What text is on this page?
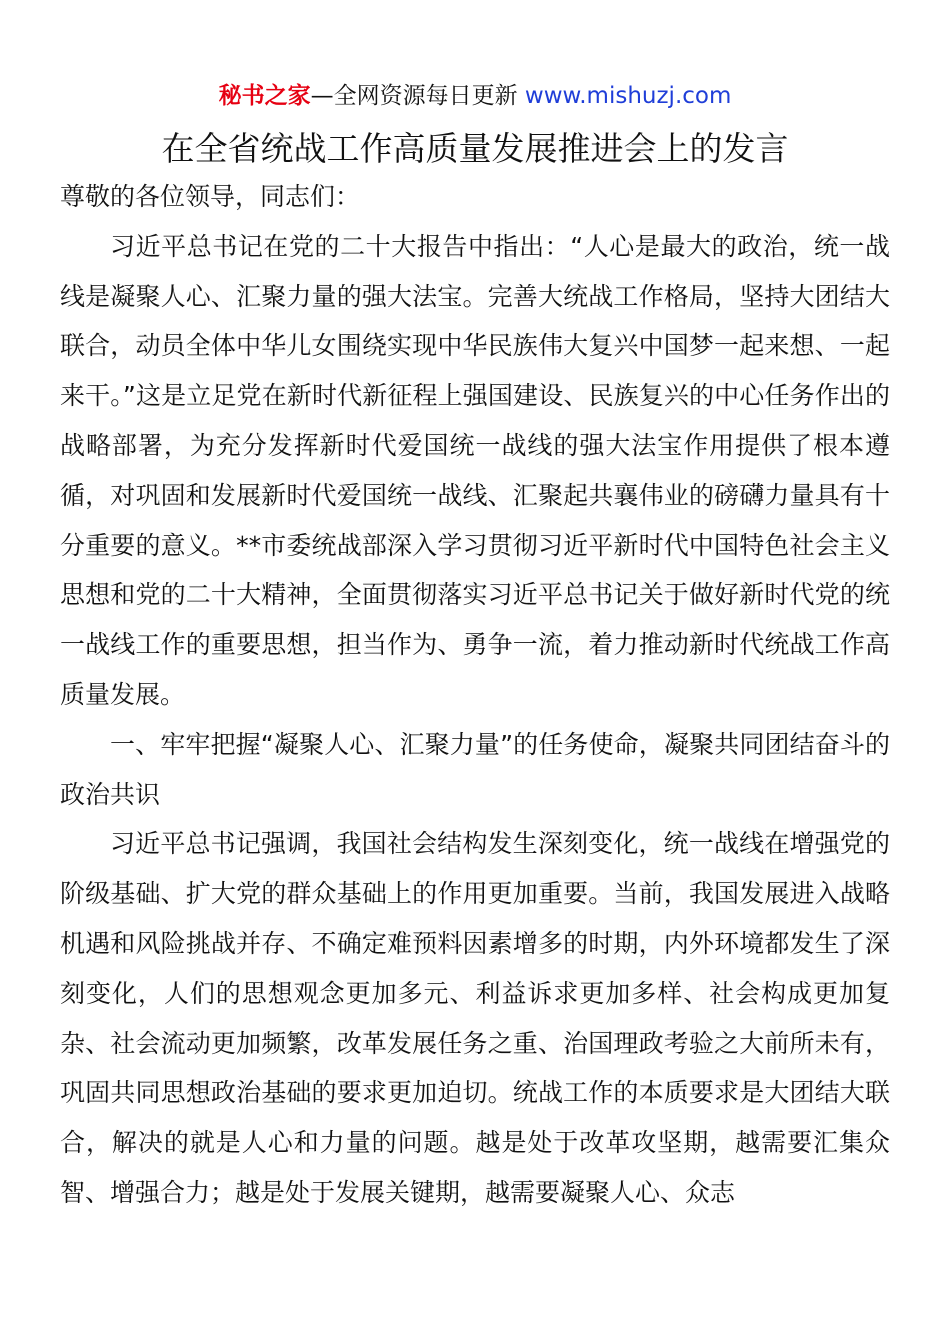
秘书之家—全网资源每日更新 www.mishuzj.com
在全省统战工作高质量发展推进会上的发言

尊敬的各位领导，同志们：

习近平总书记在党的二十大报告中指出：“人心是最大的政治，统一战线是凝聚人心、汇聚力量的强大法宝。完善大统战工作格局，坚持大团结大联合，动员全体中华儿女围绕实现中华民族伟大复兴中国梦一起来想、一起来干。”这是立足党在新时代新征程上强国建设、民族复兴的中心任务作出的战略部署，为充分发挥新时代爱国统一战线的强大法宝作用提供了根本遵循，对巩固和发展新时代爱国统一战线、汇聚起共襄伟业的磅礴力量具有十分重要的意义。**市委统战部深入学习贯彻习近平新时代中国特色社会主义思想和党的二十大精神，全面贯彻落实习近平总书记关于做好新时代党的统一战线工作的重要思想，担当作为、勇争一流，着力推动新时代统战工作高质量发展。

一、牢牢把握“凝聚人心、汇聚力量”的任务使命，凝聚共同团结奋斗的政治共识

习近平总书记强调，我国社会结构发生深刻变化，统一战线在增强党的阶级基础、扩大党的群众基础上的作用更加重要。当前，我国发展进入战略机遇和风险挑战并存、不确定难预料因素增多的时期，内外环境都发生了深刻变化，人们的思想观念更加多元、利益诉求更加多样、社会构成更加复杂、社会流动更加频繁，改革发展任务之重、治国理政考验之大前所未有，巩固共同思想政治基础的要求更加迫切。统战工作的本质要求是大团结大联合，解决的就是人心和力量的问题。越是处于改革攻坚期，越需要汇集众智、增强合力；越是处于发展关键期，越需要凝聚人心、众志
